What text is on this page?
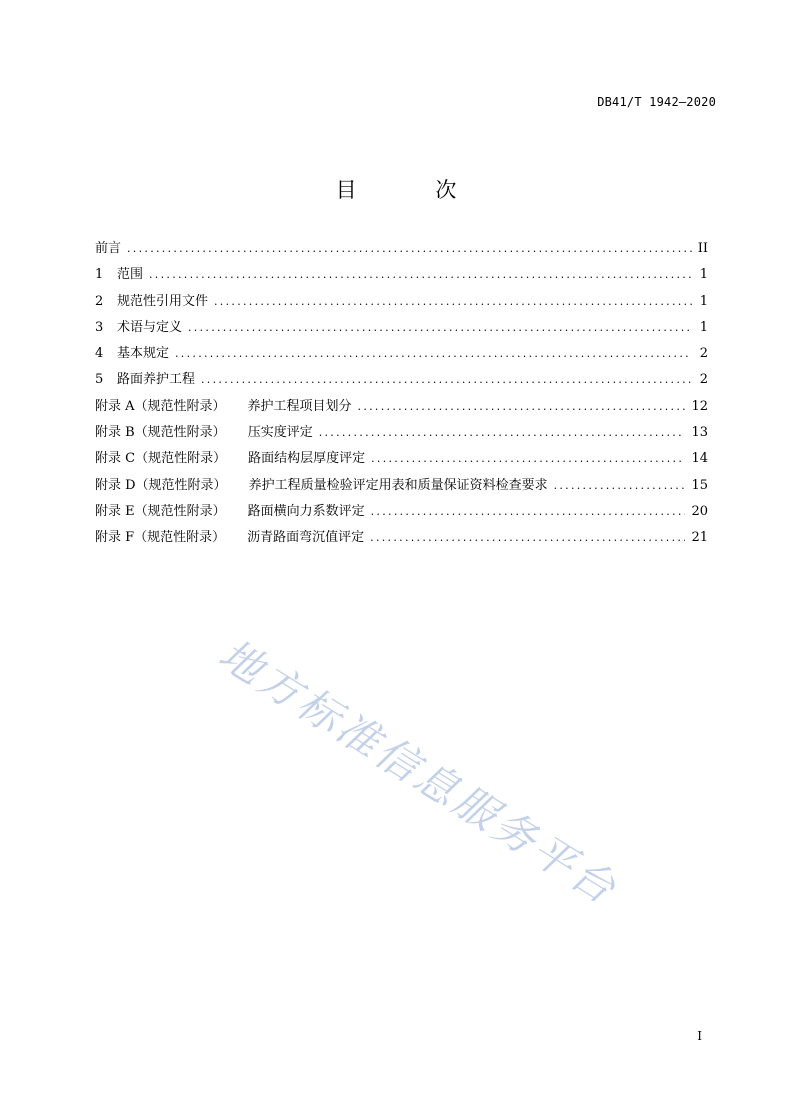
DB41/T 1942—2020
目 次
前言 .....	II
1 范围 .....	1
2 规范性引用文件 .....	1
3 术语与定义 .....	1
4 基本规定 .....	2
5 路面养护工程 .....	2
附录 A（规范性附录） 养护工程项目划分 .....	12
附录 B（规范性附录） 压实度评定 .....	13
附录 C（规范性附录） 路面结构层厚度评定 .....	14
附录 D（规范性附录） 养护工程质量检验评定用表和质量保证资料检查要求 .....	15
附录 E（规范性附录） 路面横向力系数评定 .....	20
附录 F（规范性附录） 沥青路面弯沉值评定 .....	21
地方标准信息服务平台
I
